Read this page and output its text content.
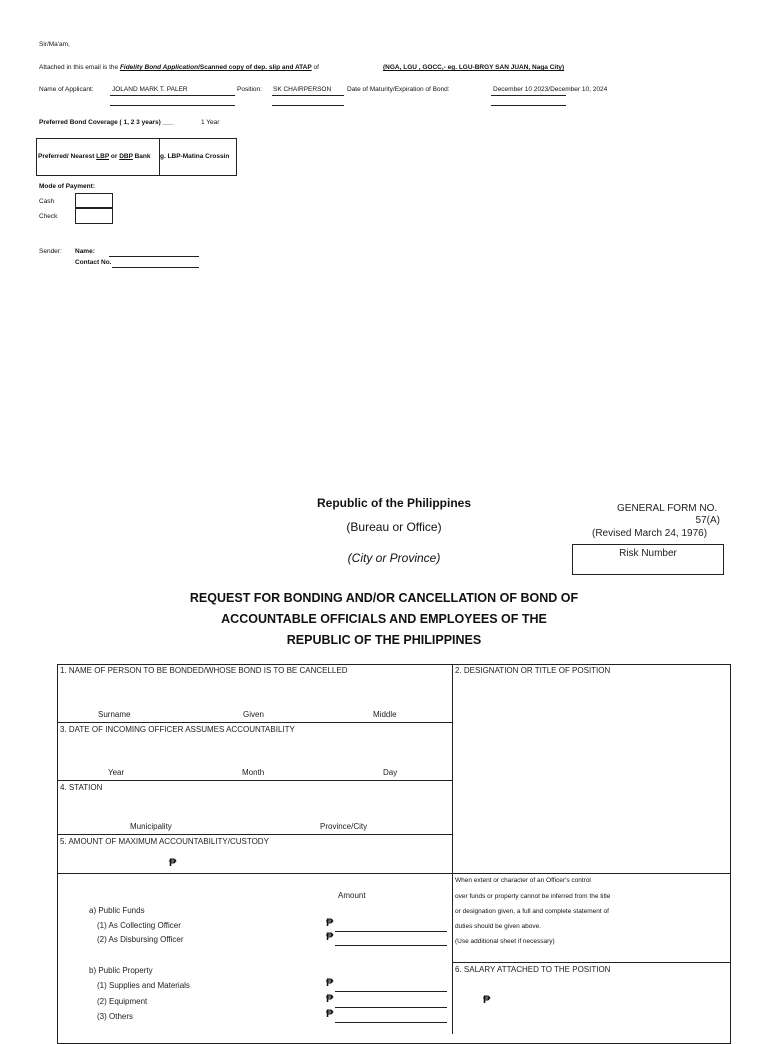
Sir/Ma'am,
Attached in this email is the Fidelity Bond Application/Scanned copy of dep. slip and ATAP of	(NGA, LGU , GOCC,- eg. LGU-BRGY SAN JUAN, Naga City)
Name of Applicant:	JOLAND MARK T. PALER	Position: SK CHAIRPERSON Date of Maturity/Expiration of Bond:	December 10 2023/December 10, 2024
Preferred Bond Coverage ( 1, 2 3 years) ___	1 Year
Preferred/ Nearest LBP or DBP Bank g. LBP-Matina Crossin
Mode of Payment:
Cash
Check
Sender: Name:
Contact No.
Republic of the Philippines
(Bureau or Office)
(City or Province)
GENERAL FORM NO.
57(A)
(Revised March 24, 1976)
Risk Number
REQUEST FOR BONDING AND/OR CANCELLATION OF BOND OF
ACCOUNTABLE OFFICIALS AND EMPLOYEES OF THE
REPUBLIC OF THE PHILIPPINES
1. NAME OF PERSON TO BE BONDED/WHOSE BOND IS TO BE CANCELLED
Surname	Given	Middle
2. DESIGNATION OR TITLE OF POSITION
3. DATE OF INCOMING OFFICER ASSUMES ACCOUNTABILITY
Year	Month	Day
4. STATION
Municipality	Province/City
5. AMOUNT OF MAXIMUM ACCOUNTABILITY/CUSTODY
₱
Amount
a) Public Funds
(1) As Collecting Officer	₱
(2) As Disbursing Officer	₱
b) Public Property
(1) Supplies and Materials	₱
(2) Equipment	₱
(3) Others	₱
When extent or character of an Officer's control
over funds or property cannot be inferred from the title
or designation given, a full and complete statement of
duties should be given above.
(Use additional sheet if necessary)
6. SALARY ATTACHED TO THE POSITION
₱
